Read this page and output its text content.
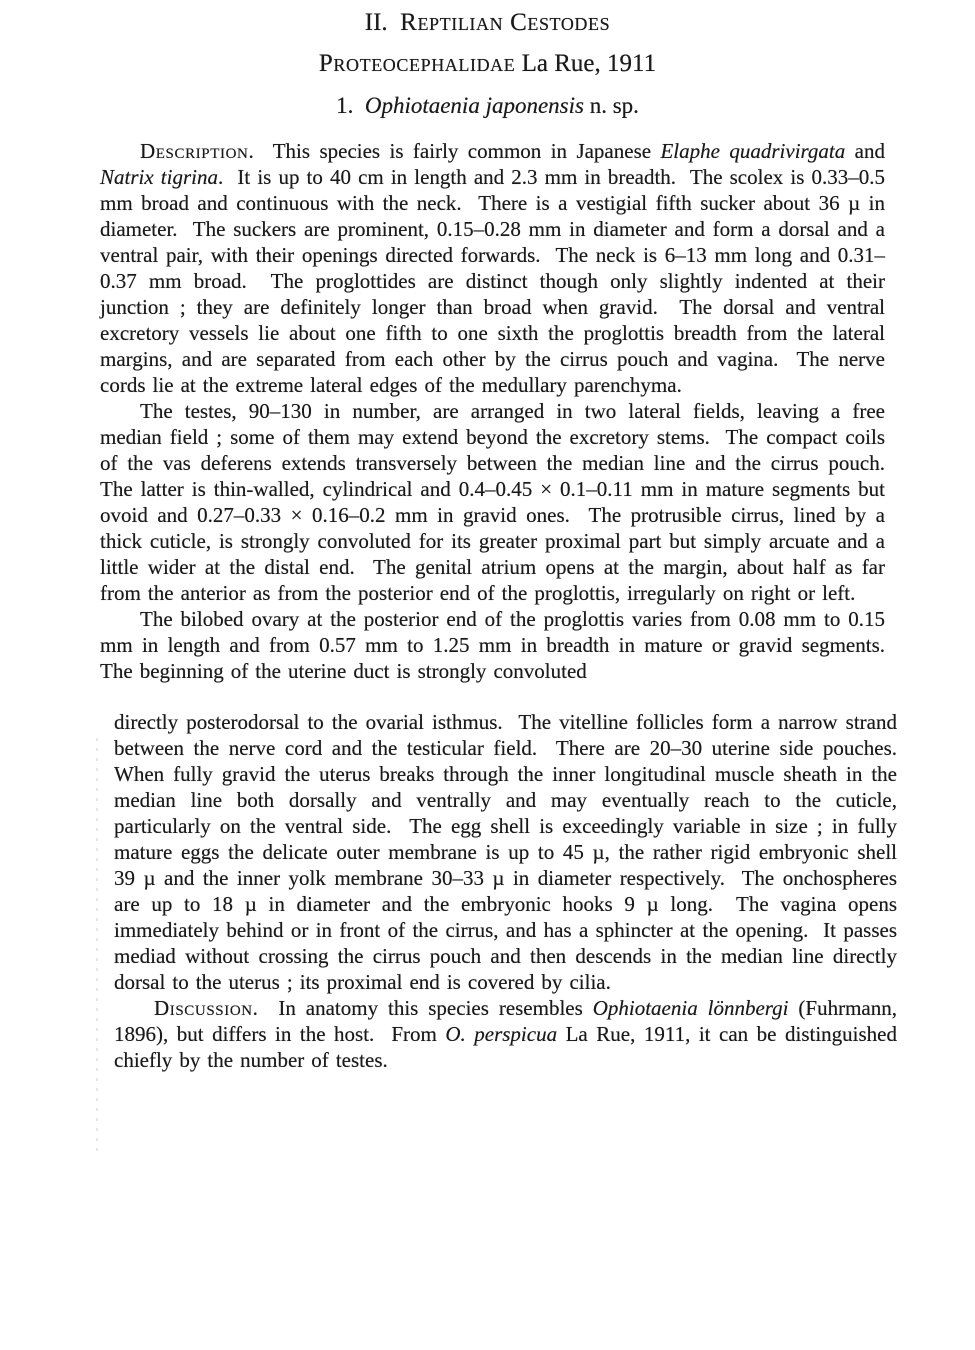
II. Reptilian Cestodes
Proteocephalidae La Rue, 1911
1. Ophiotaenia japonensis n. sp.

Description.  This species is fairly common in Japanese Elaphe quadrivirgata and Natrix tigrina.  It is up to 40 cm in length and 2.3 mm in breadth.  The scolex is 0.33–0.5 mm broad and continuous with the neck.  There is a vestigial fifth sucker about 36 µ in diameter.  The suckers are prominent, 0.15–0.28 mm in diameter and form a dorsal and a ventral pair, with their openings directed forwards.  The neck is 6–13 mm long and 0.31–0.37 mm broad.  The proglottides are distinct though only slightly indented at their junction ; they are definitely longer than broad when gravid.  The dorsal and ventral excretory vessels lie about one fifth to one sixth the proglottis breadth from the lateral margins, and are separated from each other by the cirrus pouch and vagina.  The nerve cords lie at the extreme lateral edges of the medullary parenchyma.

The testes, 90–130 in number, are arranged in two lateral fields, leaving a free median field ; some of them may extend beyond the excretory stems.  The compact coils of the vas deferens extends transversely between the median line and the cirrus pouch.  The latter is thin-walled, cylindrical and 0.4–0.45 × 0.1–0.11 mm in mature segments but ovoid and 0.27–0.33 × 0.16–0.2 mm in gravid ones.  The protrusible cirrus, lined by a thick cuticle, is strongly convoluted for its greater proximal part but simply arcuate and a little wider at the distal end.  The genital atrium opens at the margin, about half as far from the anterior as from the posterior end of the proglottis, irregularly on right or left.

The bilobed ovary at the posterior end of the proglottis varies from 0.08 mm to 0.15 mm in length and from 0.57 mm to 1.25 mm in breadth in mature or gravid segments.  The beginning of the uterine duct is strongly convoluted

directly posterodorsal to the ovarial isthmus.  The vitelline follicles form a narrow strand between the nerve cord and the testicular field.  There are 20–30 uterine side pouches.  When fully gravid the uterus breaks through the inner longitudinal muscle sheath in the median line both dorsally and ventrally and may eventually reach to the cuticle, particularly on the ventral side.  The egg shell is exceedingly variable in size ; in fully mature eggs the delicate outer membrane is up to 45 µ, the rather rigid embryonic shell 39 µ and the inner yolk membrane 30–33 µ in diameter respectively.  The onchospheres are up to 18 µ in diameter and the embryonic hooks 9 µ long.  The vagina opens immediately behind or in front of the cirrus, and has a sphincter at the opening.  It passes mediad without crossing the cirrus pouch and then descends in the median line directly dorsal to the uterus ; its proximal end is covered by cilia.

Discussion.  In anatomy this species resembles Ophiotaenia lönnbergi (Fuhrmann, 1896), but differs in the host.  From O. perspicua La Rue, 1911, it can be distinguished chiefly by the number of testes.
